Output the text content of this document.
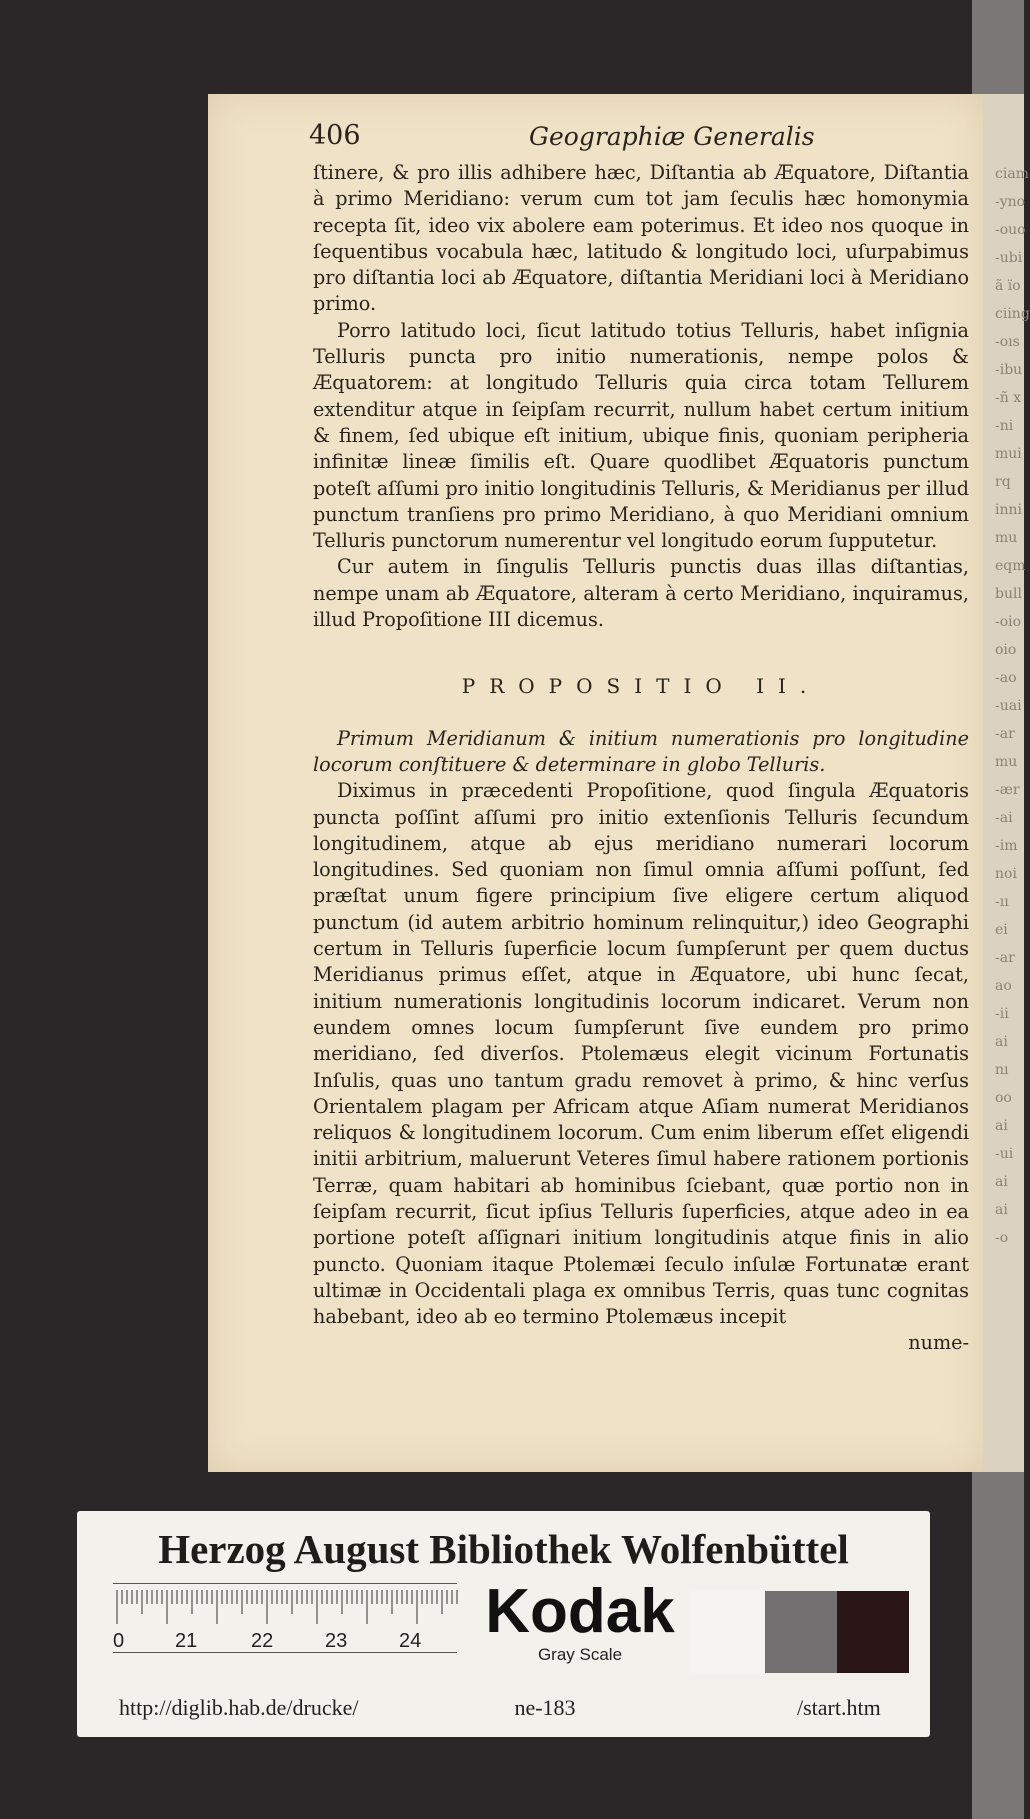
ciam
-yno
-ouo
-ubi
ã ïo
ciing
-oıs
-ibu
-ñ x
-ni
mui
rq
inni
mu
eqm
bull
-oio
oio
-ao
-uai
-ar
mu
-ær
-ai
-im
noi
-ıı
ei
-ar
ao
-ii
ai
nı
oo
ai
-ui
ai
ai
-o
406	Geographiæ Generalis

ſtinere, & pro illis adhibere hæc, Diſtantia ab Æquatore, Diſtantia à primo Meridiano: verum cum tot jam ſeculis hæc homonymia recepta ſit, ideo vix abolere eam poterimus. Et ideo nos quoque in ſequentibus vocabula hæc, latitudo & longitudo loci, uſurpabimus pro diſtantia loci ab Æquatore, diſtantia Meridiani loci à Meridiano primo.

Porro latitudo loci, ſicut latitudo totius Telluris, habet inſignia Telluris puncta pro initio numerationis, nempe polos & Æquatorem: at longitudo Telluris quia circa totam Tellurem extenditur atque in ſeipſam recurrit, nullum habet certum initium & finem, ſed ubique eſt initium, ubique finis, quoniam peripheria infinitæ lineæ ſimilis eſt. Quare quodlibet Æquatoris punctum poteſt aſſumi pro initio longitudinis Telluris, & Meridianus per illud punctum tranſiens pro primo Meridiano, à quo Meridiani omnium Telluris punctorum numerentur vel longitudo eorum ſupputetur.

Cur autem in ſingulis Telluris punctis duas illas diſtantias, nempe unam ab Æquatore, alteram à certo Meridiano, inquiramus, illud Propoſitione III dicemus.

PROPOSITIO II.

Primum Meridianum & initium numerationis pro longitudine locorum conſtituere & determinare in globo Telluris.

Diximus in præcedenti Propoſitione, quod ſingula Æquatoris puncta poſſint aſſumi pro initio extenſionis Telluris ſecundum longitudinem, atque ab ejus meridiano numerari locorum longitudines. Sed quoniam non ſimul omnia aſſumi poſſunt, ſed præſtat unum figere principium ſive eligere certum aliquod punctum (id autem arbitrio hominum relinquitur,) ideo Geographi certum in Telluris ſuperficie locum ſumpſerunt per quem ductus Meridianus primus eſſet, atque in Æquatore, ubi hunc ſecat, initium numerationis longitudinis locorum indicaret. Verum non eundem omnes locum ſumpſerunt ſive eundem pro primo meridiano, ſed diverſos. Ptolemæus elegit vicinum Fortunatis Inſulis, quas uno tantum gradu removet à primo, & hinc verſus Orientalem plagam per Africam atque Aſiam numerat Meridianos reliquos & longitudinem locorum. Cum enim liberum eſſet eligendi initii arbitrium, maluerunt Veteres ſimul habere rationem portionis Terræ, quam habitari ab hominibus ſciebant, quæ portio non in ſeipſam recurrit, ſicut ipſius Telluris ſuperficies, atque adeo in ea portione poteſt aſſignari initium longitudinis atque finis in alio puncto. Quoniam itaque Ptolemæi ſeculo inſulæ Fortunatæ erant ultimæ in Occidentali plaga ex omnibus Terris, quas tunc cognitas habebant, ideo ab eo termino Ptolemæus incepit

nume-

Herzog August Bibliothek Wolfenbüttel
0	21	22	23	24 Kodak
Gray Scale
http://diglib.hab.de/drucke/	ne-183	/start.htm
